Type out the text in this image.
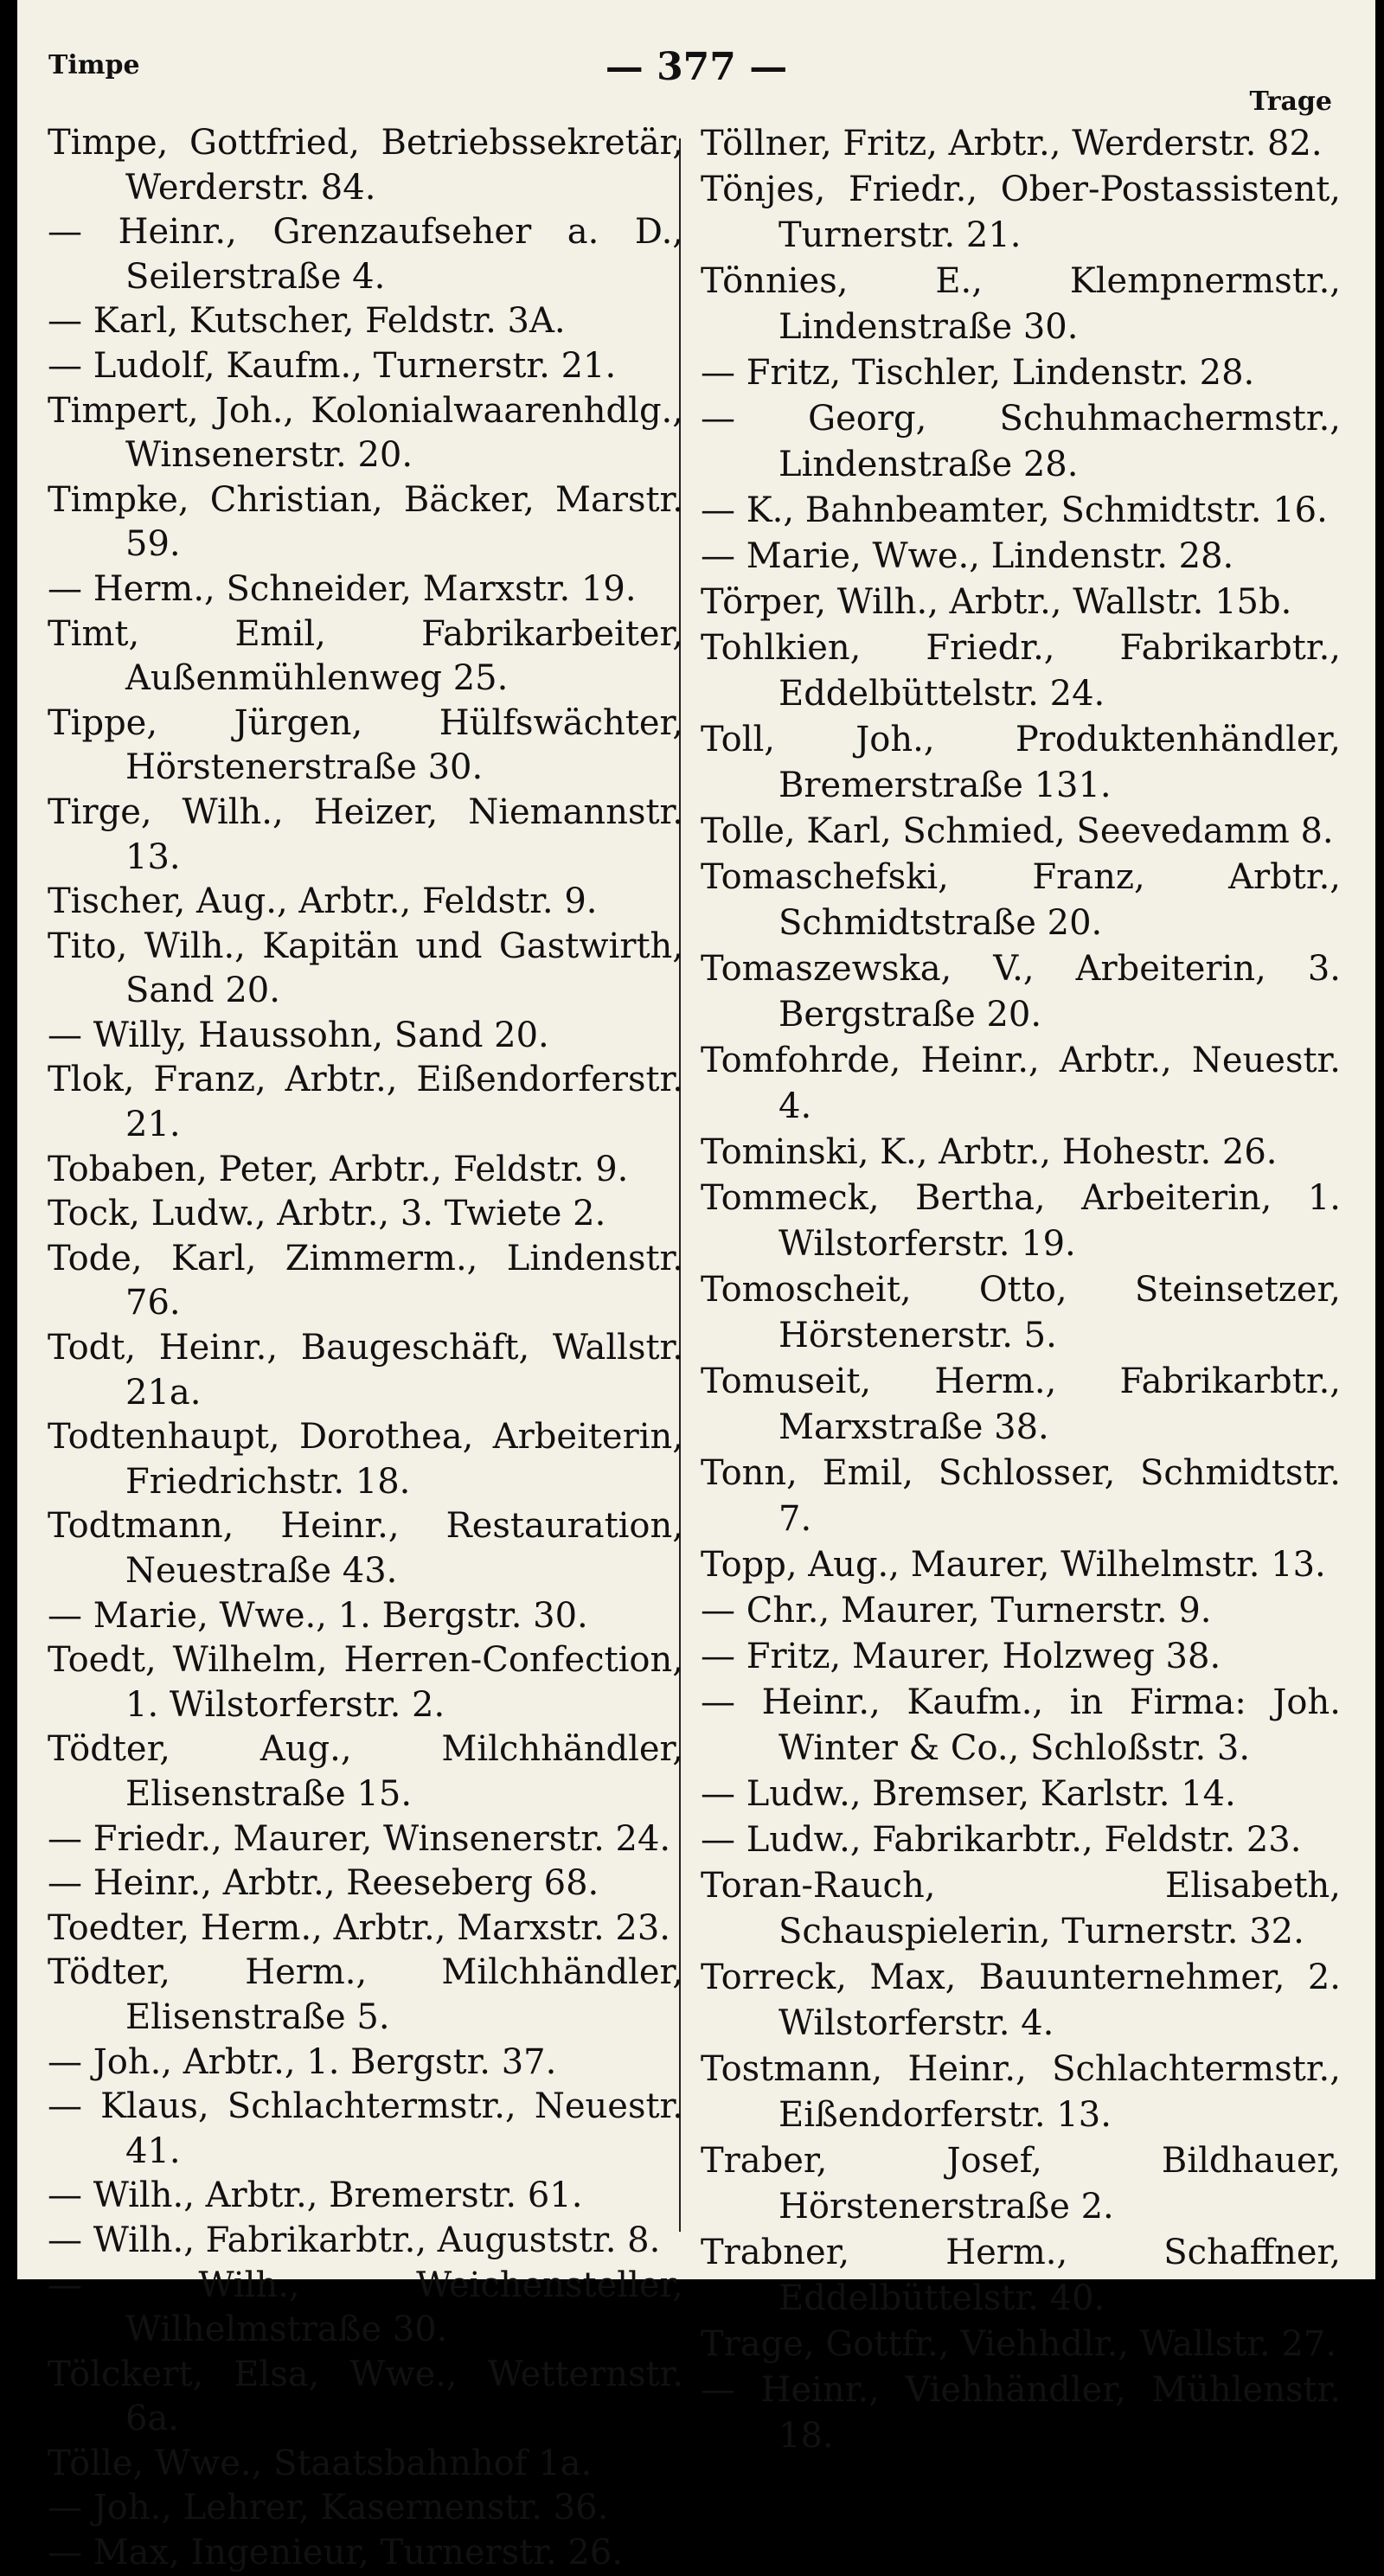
Timpe	— 377 —
Trage
Timpe, Gottfried, Betriebssekretär, Werderstr. 84.
— Heinr., Grenzaufseher a. D., Seilerstraße 4.
— Karl, Kutscher, Feldstr. 3A.
— Ludolf, Kaufm., Turnerstr. 21.
Timpert, Joh., Kolonialwaarenhdlg., Winsenerstr. 20.
Timpke, Christian, Bäcker, Marstr. 59.
— Herm., Schneider, Marxstr. 19.
Timt, Emil, Fabrikarbeiter, Außenmühlenweg 25.
Tippe, Jürgen, Hülfswächter, Hörstenerstraße 30.
Tirge, Wilh., Heizer, Niemannstr. 13.
Tischer, Aug., Arbtr., Feldstr. 9.
Tito, Wilh., Kapitän und Gastwirth, Sand 20.
— Willy, Haussohn, Sand 20.
Tlok, Franz, Arbtr., Eißendorferstr. 21.
Tobaben, Peter, Arbtr., Feldstr. 9.
Tock, Ludw., Arbtr., 3. Twiete 2.
Tode, Karl, Zimmerm., Lindenstr. 76.
Todt, Heinr., Baugeschäft, Wallstr. 21a.
Todtenhaupt, Dorothea, Arbeiterin, Friedrichstr. 18.
Todtmann, Heinr., Restauration, Neuestraße 43.
— Marie, Wwe., 1. Bergstr. 30.
Toedt, Wilhelm, Herren-Confection, 1. Wilstorferstr. 2.
Tödter, Aug., Milchhändler, Elisenstraße 15.
— Friedr., Maurer, Winsenerstr. 24.
— Heinr., Arbtr., Reeseberg 68.
Toedter, Herm., Arbtr., Marxstr. 23.
Tödter, Herm., Milchhändler, Elisenstraße 5.
— Joh., Arbtr., 1. Bergstr. 37.
— Klaus, Schlachtermstr., Neuestr. 41.
— Wilh., Arbtr., Bremerstr. 61.
— Wilh., Fabrikarbtr., Auguststr. 8.
— Wilh., Weichensteller, Wilhelmstraße 30.
Tölckert, Elsa, Wwe., Wetternstr. 6a.
Tölle, Wwe., Staatsbahnhof 1a.
— Joh., Lehrer, Kasernenstr. 36.
— Max, Ingenieur, Turnerstr. 26.
Töllner, Fritz, Arbtr., Werderstr. 82.
Tönjes, Friedr., Ober-Postassistent, Turnerstr. 21.
Tönnies, E., Klempnermstr., Lindenstraße 30.
— Fritz, Tischler, Lindenstr. 28.
— Georg, Schuhmachermstr., Lindenstraße 28.
— K., Bahnbeamter, Schmidtstr. 16.
— Marie, Wwe., Lindenstr. 28.
Törper, Wilh., Arbtr., Wallstr. 15b.
Tohlkien, Friedr., Fabrikarbtr., Eddelbüttelstr. 24.
Toll, Joh., Produktenhändler, Bremerstraße 131.
Tolle, Karl, Schmied, Seevedamm 8.
Tomaschefski, Franz, Arbtr., Schmidtstraße 20.
Tomaszewska, V., Arbeiterin, 3. Bergstraße 20.
Tomfohrde, Heinr., Arbtr., Neuestr. 4.
Tominski, K., Arbtr., Hohestr. 26.
Tommeck, Bertha, Arbeiterin, 1. Wilstorferstr. 19.
Tomoscheit, Otto, Steinsetzer, Hörstenerstr. 5.
Tomuseit, Herm., Fabrikarbtr., Marxstraße 38.
Tonn, Emil, Schlosser, Schmidtstr. 7.
Topp, Aug., Maurer, Wilhelmstr. 13.
— Chr., Maurer, Turnerstr. 9.
— Fritz, Maurer, Holzweg 38.
— Heinr., Kaufm., in Firma: Joh. Winter & Co., Schloßstr. 3.
— Ludw., Bremser, Karlstr. 14.
— Ludw., Fabrikarbtr., Feldstr. 23.
Toran-Rauch, Elisabeth, Schauspielerin, Turnerstr. 32.
Torreck, Max, Bauunternehmer, 2. Wilstorferstr. 4.
Tostmann, Heinr., Schlachtermstr., Eißendorferstr. 13.
Traber, Josef, Bildhauer, Hörstenerstraße 2.
Trabner, Herm., Schaffner, Eddelbüttelstr. 40.
Trage, Gottfr., Viehhdlr., Wallstr. 27.
— Heinr., Viehhändler, Mühlenstr. 18.
